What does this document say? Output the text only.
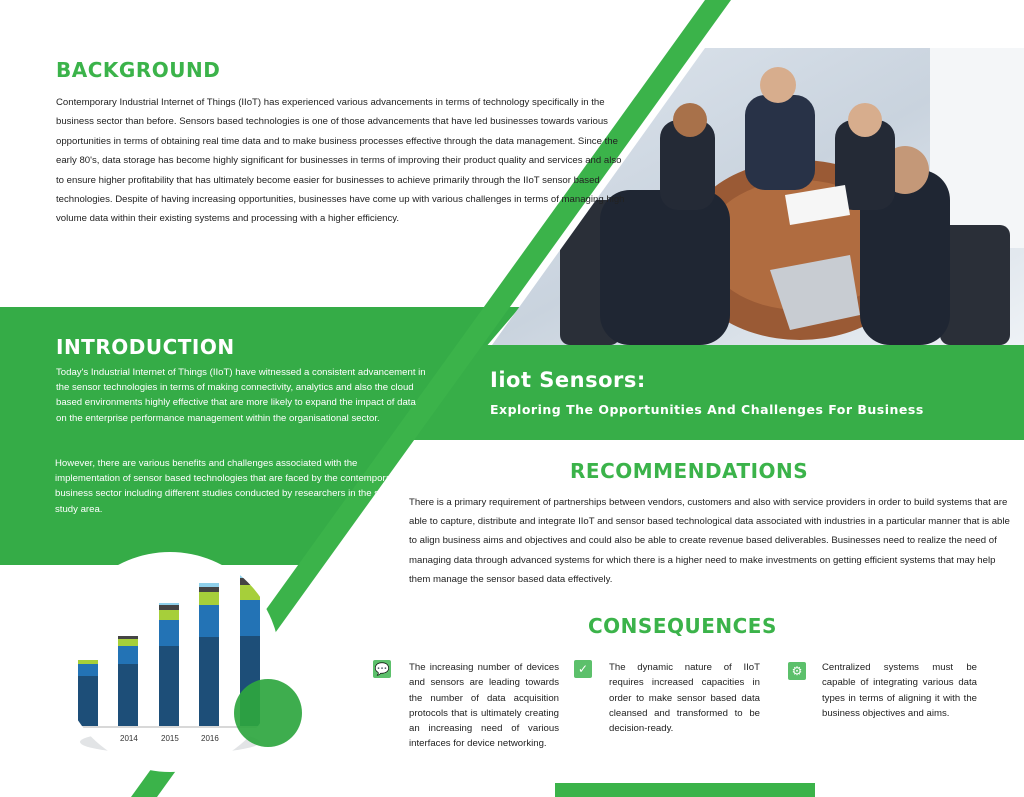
2014	2015	2016
BACKGROUND

Contemporary Industrial Internet of Things (IIoT) has experienced various advancements in terms of technology specifically in the business sector than before. Sensors based technologies is one of those advancements that have led businesses towards various opportunities in terms of obtaining real time data and to make business processes effective through the data management. Since the early 80's, data storage has become highly significant for businesses in terms of improving their product quality and services and also to ensure higher profitability that has ultimately become easier for businesses to achieve primarily through the IIoT sensor based technologies. Despite of having increasing opportunities, businesses have come up with various challenges in terms of managing high volume data within their existing systems and processing with a higher efficiency.

INTRODUCTION

Today's Industrial Internet of Things (IIoT) have witnessed a consistent advancement in the sensor technologies in terms of making connectivity, analytics and also the cloud based environments highly effective that are more likely to expand the impact of data on the enterprise performance management within the organisational sector.

However, there are various benefits and challenges associated with the implementation of sensor based technologies that are faced by the contemporary business sector including different studies conducted by researchers in the similar study area.

Iiot Sensors:
Exploring The Opportunities And Challenges For Business
RECOMMENDATIONS

There is a primary requirement of partnerships between vendors, customers and also with service providers in order to build systems that are able to capture, distribute and integrate IIoT and sensor based technological data associated with industries in a particular manner that is able to align business aims and objectives and could also be able to create revenue based deliverables. Businesses need to realize the need of managing data through advanced systems for which there is a higher need to make investments on getting efficient systems that may help them manage the sensor based data effectively.

CONSEQUENCES
💬 The increasing number of devices and sensors are leading towards the number of data acquisition protocols that is ultimately creating an increasing need of various interfaces for device networking.

✓	The dynamic nature of IIoT requires increased capacities in order to make sensor based data cleansed and transformed to be decision-ready.

⚙	Centralized systems must be capable of integrating various data types in terms of aligning it with the business objectives and aims.
